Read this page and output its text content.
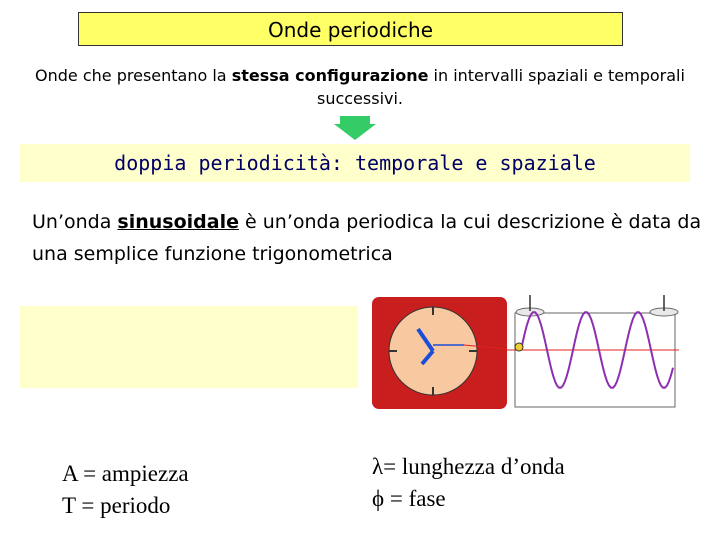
Onde periodiche
Onde che presentano la stessa configurazione in intervalli spaziali e temporali successivi.
doppia periodicità: temporale e spaziale
Un’onda sinusoidale è un’onda periodica la cui descrizione è data da una semplice funzione trigonometrica
A = ampiezza
T = periodo
λ= lunghezza d’onda
ϕ = fase
